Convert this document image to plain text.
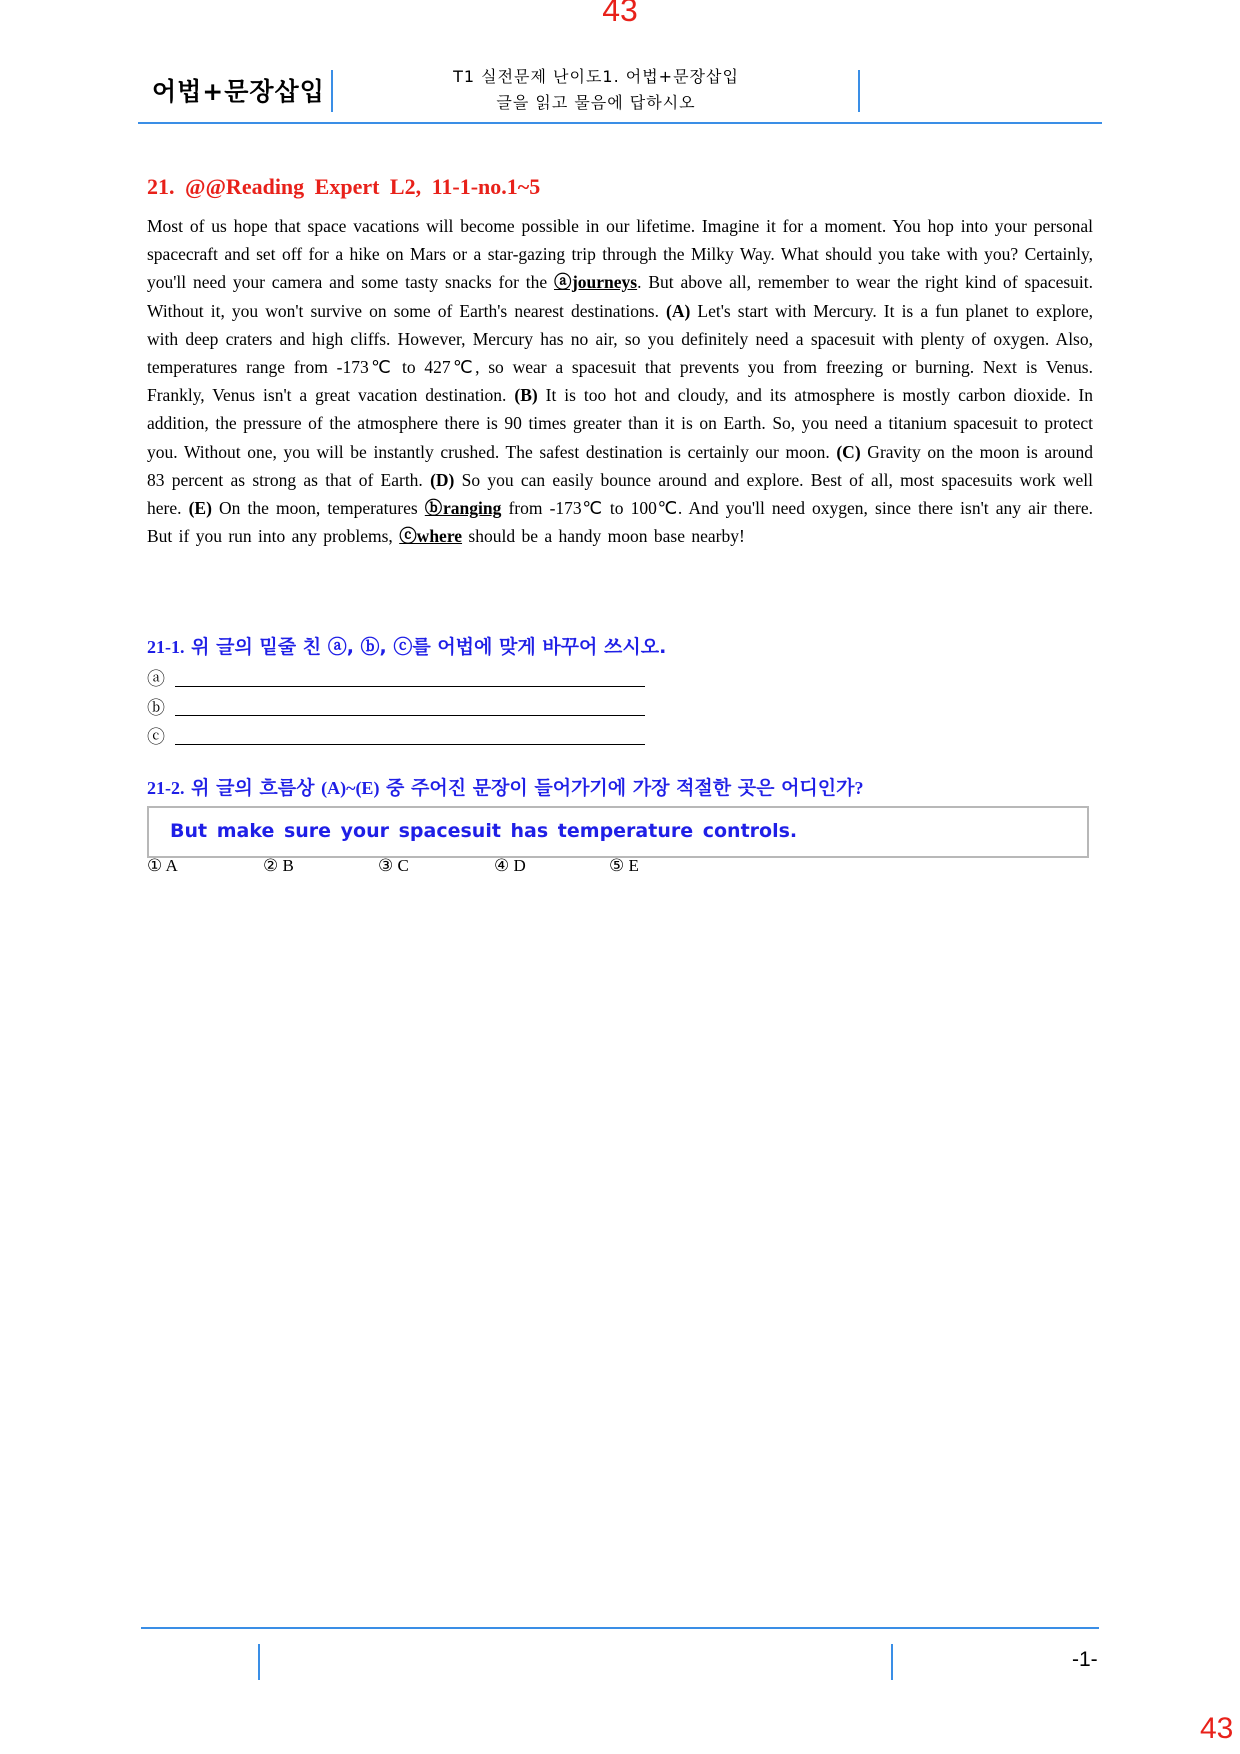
43
어법+문장삽입
T1 실전문제 난이도1. 어법+문장삽입
글을 읽고 물음에 답하시오
21. @@Reading Expert L2, 11-1-no.1~5
Most of us hope that space vacations will become possible in our lifetime. Imagine it for a moment. You hop into your personal spacecraft and set off for a hike on Mars or a star-gazing trip through the Milky Way. What should you take with you? Certainly, you'll need your camera and some tasty snacks for the ⓐjourneys. But above all, remember to wear the right kind of spacesuit. Without it, you won't survive on some of Earth's nearest destinations. (A) Let's start with Mercury. It is a fun planet to explore, with deep craters and high cliffs. However, Mercury has no air, so you definitely need a spacesuit with plenty of oxygen. Also, temperatures range from -173℃ to 427℃, so wear a spacesuit that prevents you from freezing or burning. Next is Venus. Frankly, Venus isn't a great vacation destination. (B) It is too hot and cloudy, and its atmosphere is mostly carbon dioxide. In addition, the pressure of the atmosphere there is 90 times greater than it is on Earth. So, you need a titanium spacesuit to protect you. Without one, you will be instantly crushed. The safest destination is certainly our moon. (C) Gravity on the moon is around 83 percent as strong as that of Earth. (D) So you can easily bounce around and explore. Best of all, most spacesuits work well here. (E) On the moon, temperatures ⓑranging from -173℃ to 100℃. And you'll need oxygen, since there isn't any air there. But if you run into any problems, ⓒwhere should be a handy moon base nearby!
21-1. 위 글의 밑줄 친 ⓐ, ⓑ, ⓒ를 어법에 맞게 바꾸어 쓰시오.
ⓐ
ⓑ
ⓒ
21-2. 위 글의 흐름상 (A)~(E) 중 주어진 문장이 들어가기에 가장 적절한 곳은 어디인가?
But make sure your spacesuit has temperature controls.
① A	② B	③ C	④ D	⑤ E
-1-
43
